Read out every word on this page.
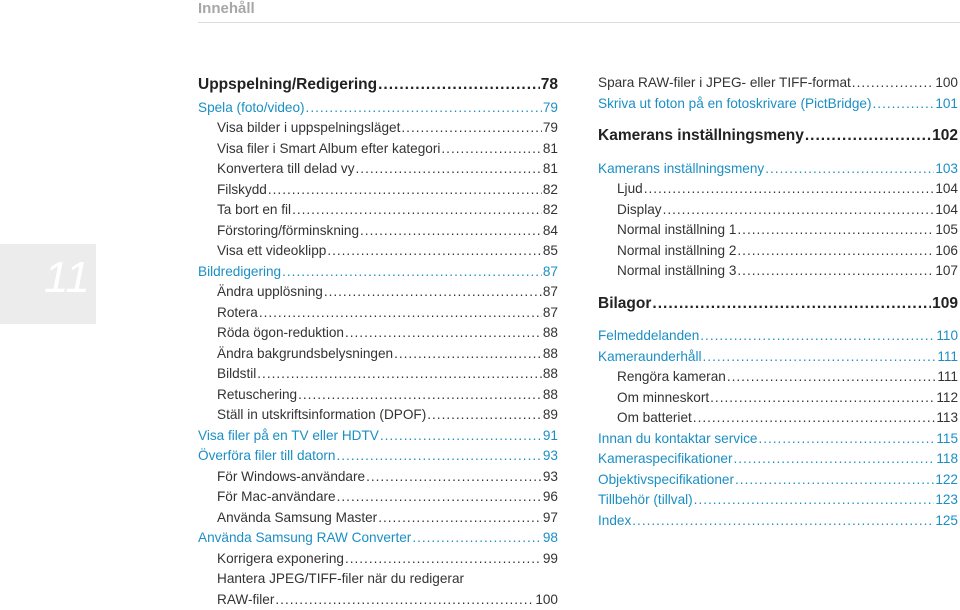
Innehåll
11
Uppspelning/Redigering .....	78
Spela (foto/video) .....	79
Visa bilder i uppspelningsläget .....	79
Visa filer i Smart Album efter kategori .....	81
Konvertera till delad vy .....	81
Filskydd .....	82
Ta bort en fil .....	82
Förstoring/förminskning .....	84
Visa ett videoklipp .....	85
Bildredigering .....	87
Ändra upplösning .....	87
Rotera .....	87
Röda ögon-reduktion .....	88
Ändra bakgrundsbelysningen .....	88
Bildstil .....	88
Retuschering .....	88
Ställ in utskriftsinformation (DPOF) .....	89
Visa filer på en TV eller HDTV .....	91
Överföra filer till datorn .....	93
För Windows-användare .....	93
För Mac-användare .....	96
Använda Samsung Master .....	97
Använda Samsung RAW Converter .....	98
Korrigera exponering .....	99
Hantera JPEG/TIFF-filer när du redigerar
RAW-filer .....	100
Spara RAW-filer i JPEG- eller TIFF-format .....	100
Skriva ut foton på en fotoskrivare (PictBridge) .....	101
Kamerans inställningsmeny .....	102
Kamerans inställningsmeny .....	103
Ljud .....	104
Display .....	104
Normal inställning 1 .....	105
Normal inställning 2 .....	106
Normal inställning 3 .....	107
Bilagor .....	109
Felmeddelanden .....	110
Kameraunderhåll .....	111
Rengöra kameran .....	111
Om minneskort .....	112
Om batteriet .....	113
Innan du kontaktar service .....	115
Kameraspecifikationer .....	118
Objektivspecifikationer .....	122
Tillbehör (tillval) .....	123
Index .....	125
